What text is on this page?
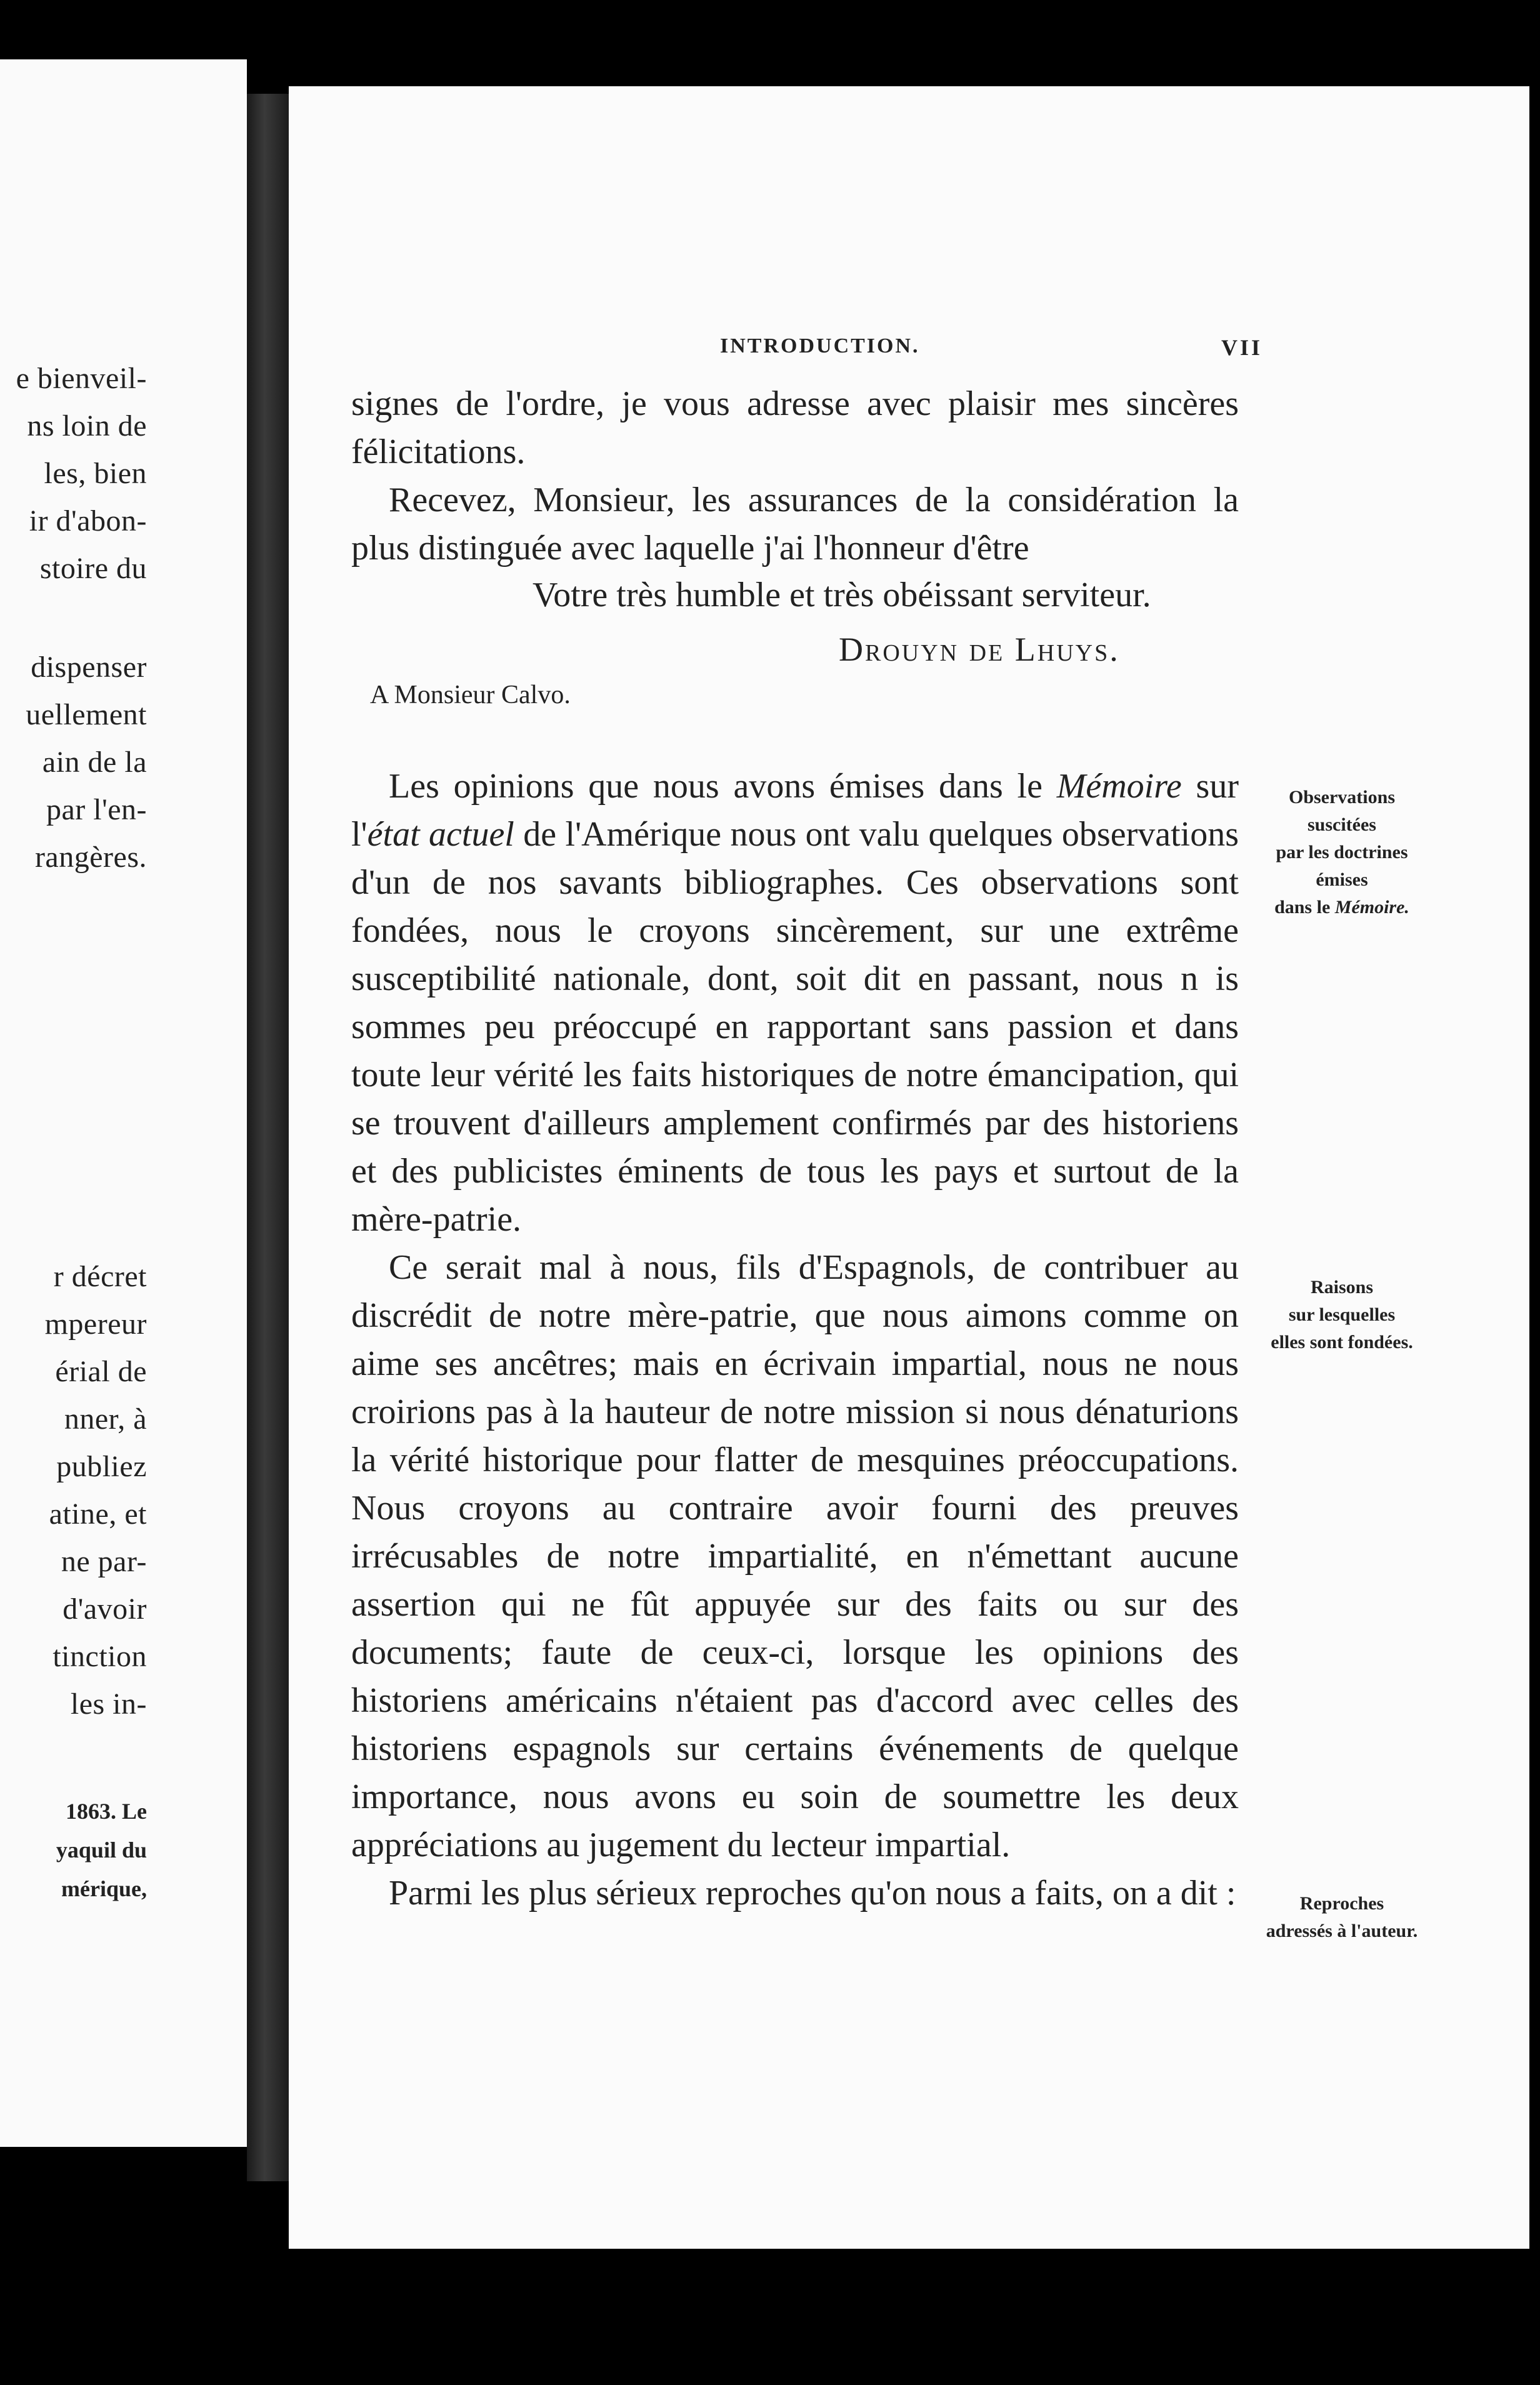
e bienveil-
ns loin de
les, bien
ir d'abon-
stoire du
dispenser
uellement
ain de la
par l'en-
rangères.
r décret
mpereur
érial de
nner, à
publiez
atine, et
ne par-
d'avoir
tinction
les in-
1863. Le
yaquil du
mérique,
INTRODUCTION.	VII

signes de l'ordre, je vous adresse avec plaisir mes sincères félicitations.

Recevez, Monsieur, les assurances de la considération la plus distinguée avec laquelle j'ai l'honneur d'être

Votre très humble et très obéissant serviteur.
Drouyn de Lhuys.
A Monsieur Calvo.

Les opinions que nous avons émises dans le Mémoire sur l'état actuel de l'Amérique nous ont valu quelques observations d'un de nos savants bibliographes. Ces observations sont fondées, nous le croyons sincèrement, sur une extrême susceptibilité nationale, dont, soit dit en passant, nous n is sommes peu préoccupé en rapportant sans passion et dans toute leur vérité les faits historiques de notre émancipation, qui se trouvent d'ailleurs amplement confirmés par des historiens et des publicistes éminents de tous les pays et surtout de la mère-patrie.

Ce serait mal à nous, fils d'Espagnols, de contribuer au discrédit de notre mère-patrie, que nous aimons comme on aime ses ancêtres; mais en écrivain impartial, nous ne nous croirions pas à la hauteur de notre mission si nous dénaturions la vérité historique pour flatter de mesquines préoccupations. Nous croyons au contraire avoir fourni des preuves irrécusables de notre impartialité, en n'émettant aucune assertion qui ne fût appuyée sur des faits ou sur des documents; faute de ceux-ci, lorsque les opinions des historiens américains n'étaient pas d'accord avec celles des historiens espagnols sur certains événements de quelque importance, nous avons eu soin de soumettre les deux appréciations au jugement du lecteur impartial.

Parmi les plus sérieux reproches qu'on nous a faits, on a dit :

Observations
suscitées
par les doctrines
émises
dans le Mémoire.
Raisons
sur lesquelles
elles sont fondées.
Reproches
adressés à l'auteur.
